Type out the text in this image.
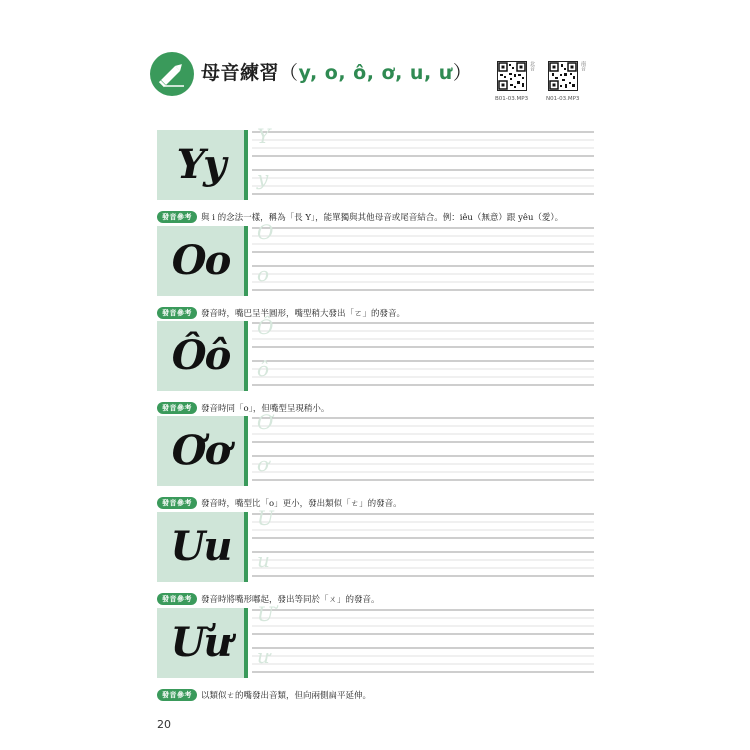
母音練習（y, o, ô, ơ, u, ư）	北音
B01-03.MP3
南音
N01-03.MP3
Yy
Y
y
發音參考 與 i 的念法一樣，稱為「長 Y」，能單獨與其他母音或尾音結合。例：iêu（無意）跟 yêu（愛）。
Oo
O
o
發音參考 發音時，嘴巴呈半圓形，嘴型稍大發出「ㄛ」的發音。
Ôô
Ô
ô
發音參考 發音時同「o」，但嘴型呈現稍小。
Ơơ
Ơ
ơ
發音參考 發音時，嘴型比「o」更小，發出類似「ㄜ」的發音。
Uu
U
u
發音參考 發音時將嘴形嘟起，發出等同於「ㄨ」的發音。
Ưư
Ư
ư
發音參考 以類似ㄜ的嘴發出音類，但向兩側扁平延伸。
20
